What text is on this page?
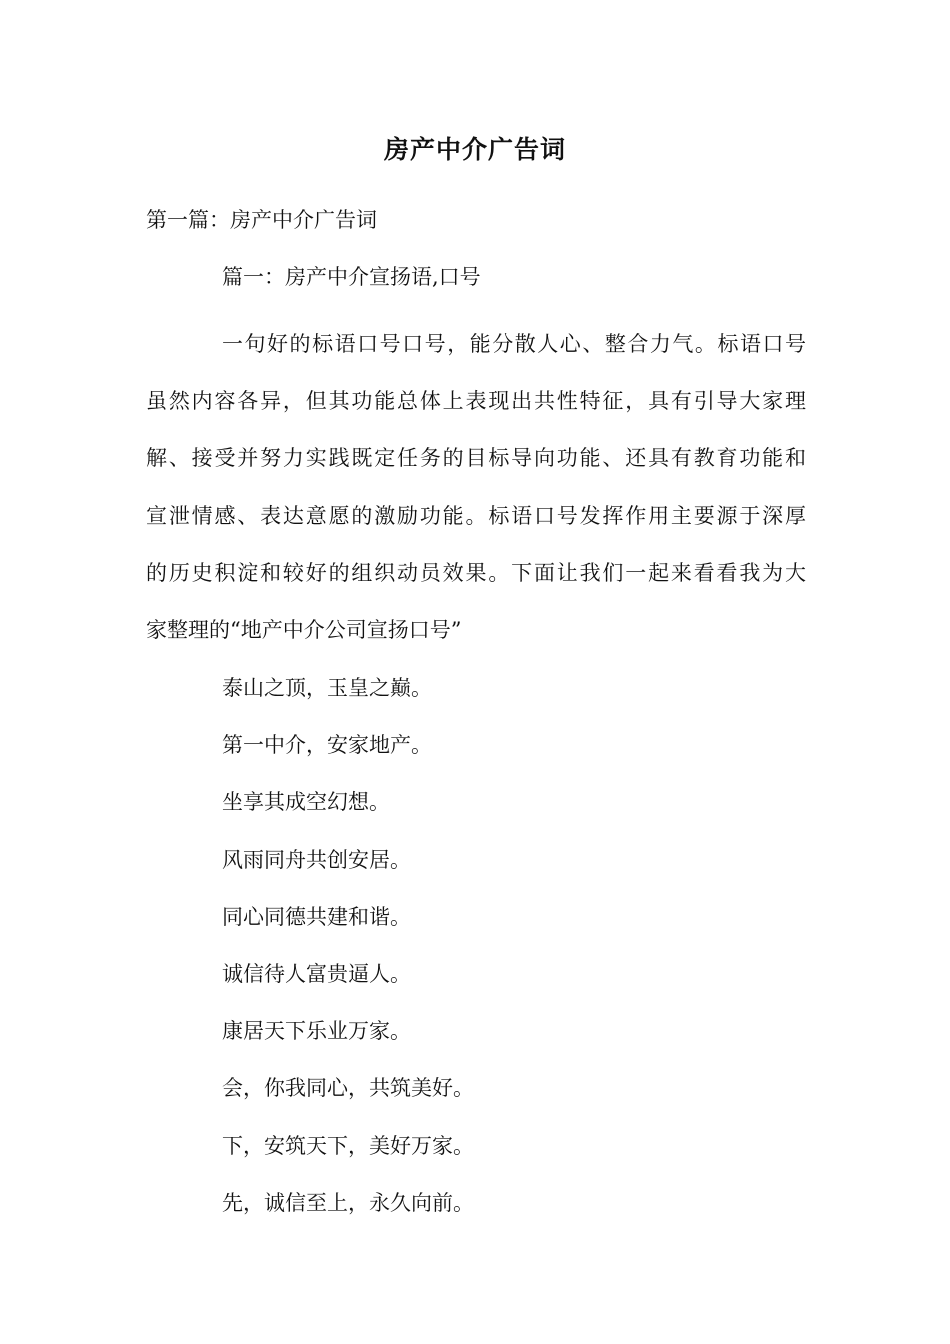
房产中介广告词
第一篇：房产中介广告词
篇一：房产中介宣扬语,口号
一句好的标语口号口号，能分散人心、整合力气。标语口号
虽然内容各异，但其功能总体上表现出共性特征，具有引导大家理
解、接受并努力实践既定任务的目标导向功能、还具有教育功能和
宣泄情感、表达意愿的激励功能。标语口号发挥作用主要源于深厚
的历史积淀和较好的组织动员效果。下面让我们一起来看看我为大
家整理的“地产中介公司宣扬口号”
泰山之顶，玉皇之巅。
第一中介，安家地产。
坐享其成空幻想。
风雨同舟共创安居。
同心同德共建和谐。
诚信待人富贵逼人。
康居天下乐业万家。
会，你我同心，共筑美好。
下，安筑天下，美好万家。
先，诚信至上，永久向前。
